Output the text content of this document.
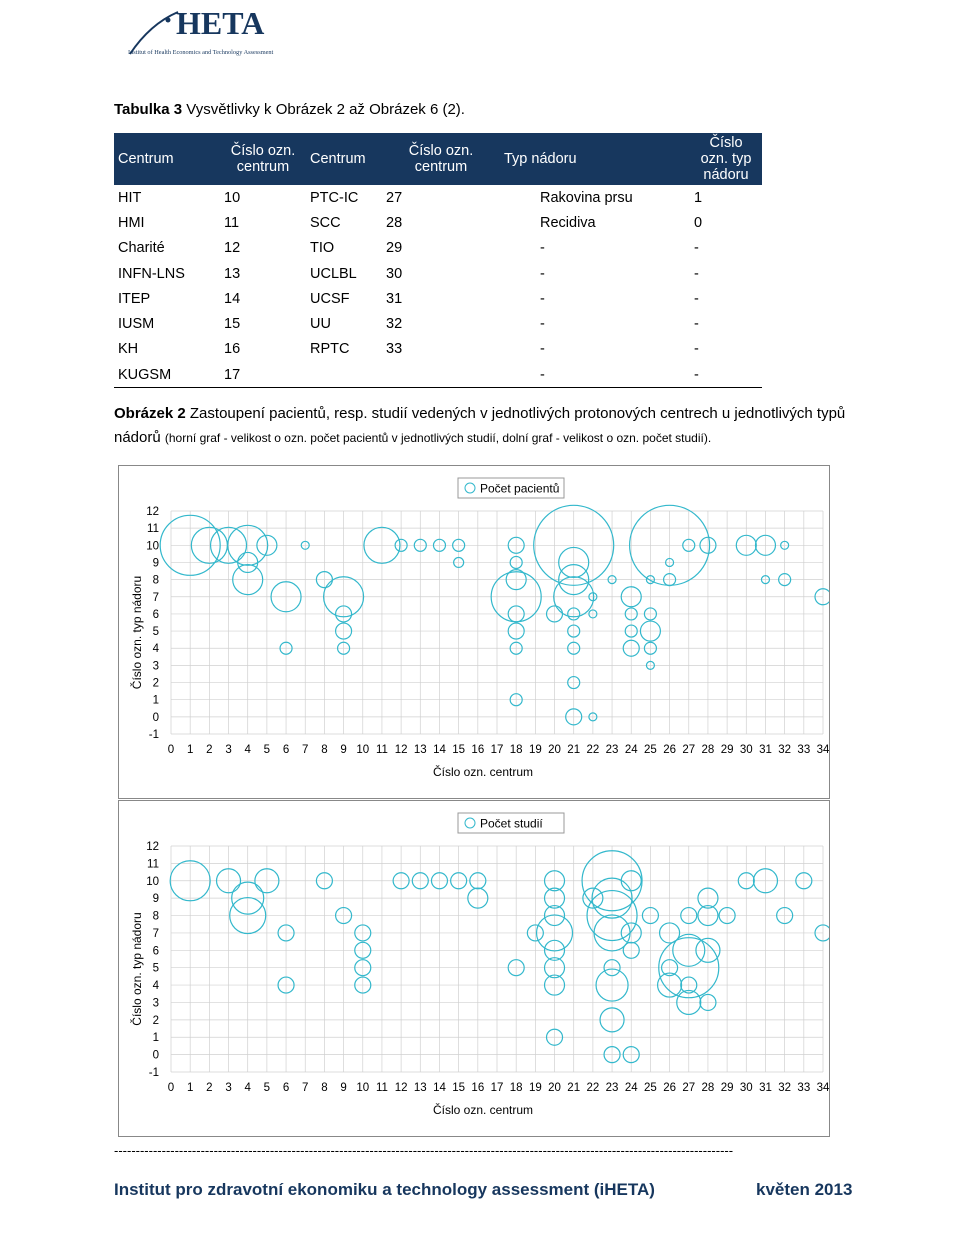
HETA
Institut of Health Economics and Technology Assessment
Tabulka 3 Vysvětlivky k Obrázek 2 až Obrázek 6 (2).
Centrum	Číslo ozn. centrum	Centrum	Číslo ozn. centrum	Typ nádoru	Číslo ozn. typ nádoru
HIT	10	PTC-IC	27	Rakovina prsu	1
HMI	11	SCC	28	Recidiva	0
Charité	12	TIO	29	-	-
INFN-LNS	13	UCLBL	30	-	-
ITEP	14	UCSF	31	-	-
IUSM	15	UU	32	-	-
KH	16	RPTC	33	-	-
KUGSM	17			-	-
Obrázek 2 Zastoupení pacientů, resp. studií vedených v jednotlivých protonových centrech u jednotlivých typů nádorů (horní graf - velikost o ozn. počet pacientů v jednotlivých studií, dolní graf - velikost o ozn. počet studií).
-1
0
1
2
3
4
5
6
7
8
9
10
11
12
0 1 2 3 4 5 6 7 8 9 10 11 12 13 14 15 16 17 18 19 20 21 22 23 24 25 26 27 28 29 30 31 32 33 34
Číslo ozn. centrum
Číslo ozn. typ nádoru
Počet pacientů
-1
0
1
2
3
4
5
6
7
8
9
10
11
12
0 1 2 3 4 5 6 7 8 9 10 11 12 13 14 15 16 17 18 19 20 21 22 23 24 25 26 27 28 29 30 31 32 33 34
Číslo ozn. centrum
Číslo ozn. typ nádoru
Počet studií
-----------------------------------------------------------------------------------------------------------------------------------------------
Institut pro zdravotní ekonomiku a technology assessment (iHETA)	květen 2013
